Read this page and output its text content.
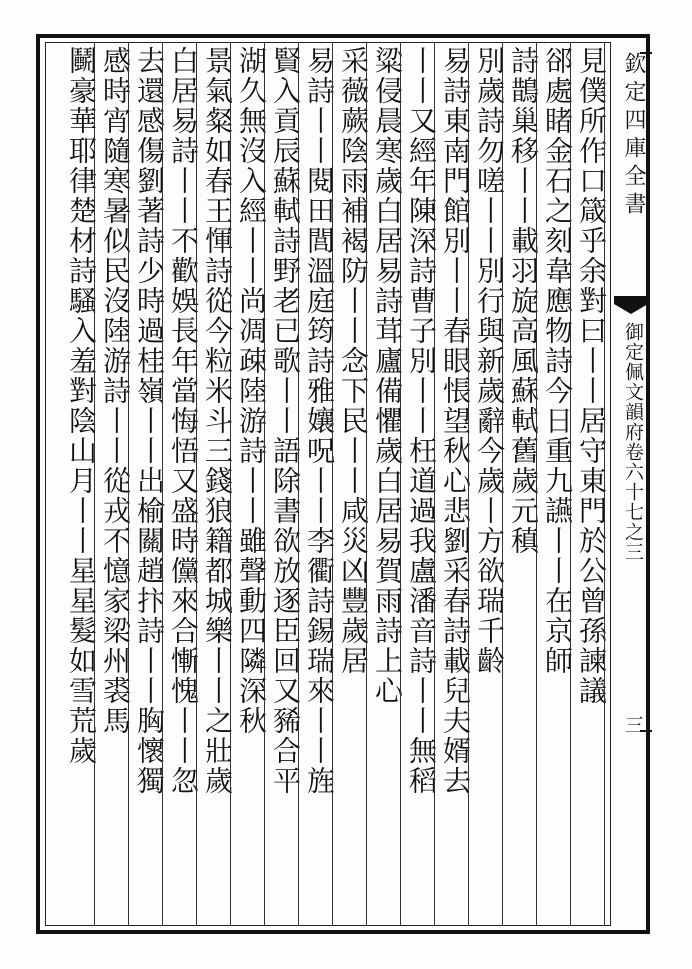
欽定四庫全書
御定佩文韻府卷六十七之三
三
見僕所作口箴乎余對曰丨丨居守東門於公曾孫諫議
郤處睹金石之刻韋應物詩今日重九讌丨丨在京師
詩鵲巢移丨丨載羽旋高風蘇軾舊歲元稹
別歲詩勿嗟丨丨別行與新歲辭今歲丨方欲瑞千齡
易詩東南門館別丨丨春眼悵望秋心悲劉采春詩載兒夫婿去
丨丨又經年陳深詩曹子別丨丨枉道過我盧潘音詩丨丨無稻
粱侵晨寒歲白居易詩茸廬備懼歲白居易賀雨詩上心
采薇蕨陰雨補褐防丨丨念下民丨丨咸災凶豐歲居
易詩丨丨閱田閭溫庭筠詩雅孃呪丨丨李衢詩錫瑞來丨丨旌
賢入貢辰蘇軾詩野老已歌丨丨語除書欲放逐臣回又豨合平
湖久無沒入經丨丨尚凋疎陸游詩丨丨雖聲動四隣深秋
景氣粲如春王惲詩從今粒米斗三錢狼籍都城樂丨丨之壯歲
白居易詩丨丨不歡娛長年當悔悟又盛時儻來合慚愧丨丨忽
去還感傷劉著詩少時過桂嶺丨丨出榆關趙抃詩丨丨胸懷獨
感時宵隨寒暑似民沒陸游詩丨丨從戎不憶家梁州裘馬
鬭豪華耶律楚材詩騷入羞對陰山月丨丨星星髮如雪荒歲
